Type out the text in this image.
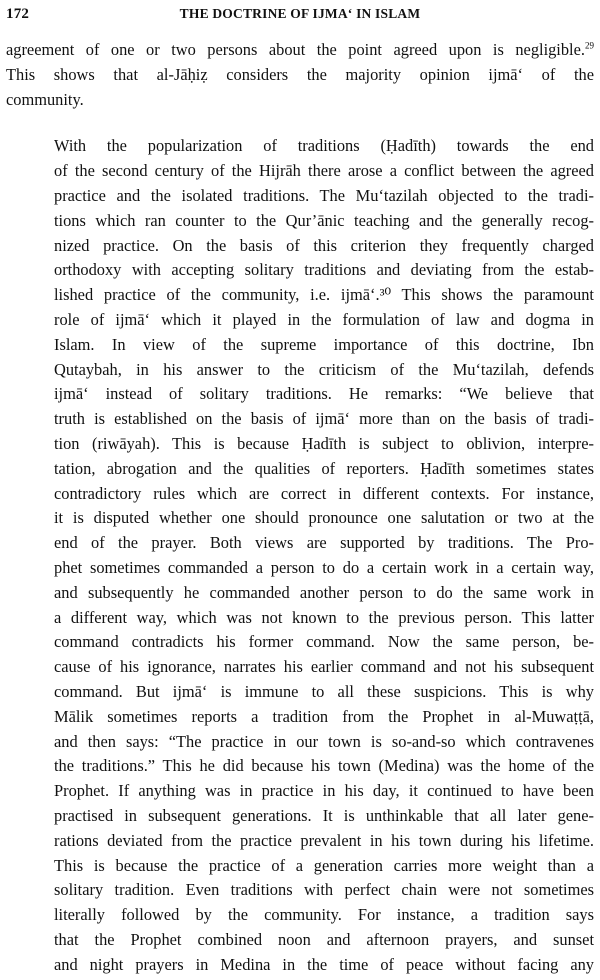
172	THE DOCTRINE OF IJMA‘ IN ISLAM
agreement of one or two persons about the point agreed upon is negligible.$^{29}$
This shows that al-Jāḥiẓ considers the majority opinion ijmā‘ of the
community.
With the popularization of traditions (Ḥadīth) towards the end
of the second century of the Hijrāh there arose a conflict between the agreed
practice and the isolated traditions. The Mu‘tazilah objected to the tradi-
tions which ran counter to the Qur’ānic teaching and the generally recog-
nized practice. On the basis of this criterion they frequently charged
orthodoxy with accepting solitary traditions and deviating from the estab-
lished practice of the community, i.e. ijmā‘.³⁰ This shows the paramount
role of ijmā‘ which it played in the formulation of law and dogma in
Islam. In view of the supreme importance of this doctrine, Ibn
Qutaybah, in his answer to the criticism of the Mu‘tazilah, defends
ijmā‘ instead of solitary traditions. He remarks: “We believe that
truth is established on the basis of ijmā‘ more than on the basis of tradi-
tion (riwāyah). This is because Ḥadīth is subject to oblivion, interpre-
tation, abrogation and the qualities of reporters. Ḥadīth sometimes states
contradictory rules which are correct in different contexts. For instance,
it is disputed whether one should pronounce one salutation or two at the
end of the prayer. Both views are supported by traditions. The Pro-
phet sometimes commanded a person to do a certain work in a certain way,
and subsequently he commanded another person to do the same work in
a different way, which was not known to the previous person. This latter
command contradicts his former command. Now the same person, be-
cause of his ignorance, narrates his earlier command and not his subsequent
command. But ijmā‘ is immune to all these suspicions. This is why
Mālik sometimes reports a tradition from the Prophet in al-Muwaṭṭā,
and then says: “The practice in our town is so-and-so which contravenes
the traditions.” This he did because his town (Medina) was the home of the
Prophet. If anything was in practice in his day, it continued to have been
practised in subsequent generations. It is unthinkable that all later gene-
rations deviated from the practice prevalent in his town during his lifetime.
This is because the practice of a generation carries more weight than a
solitary tradition. Even traditions with perfect chain were not sometimes
literally followed by the community. For instance, a tradition says
that the Prophet combined noon and afternoon prayers, and sunset
and night prayers in Medina in the time of peace without facing any
